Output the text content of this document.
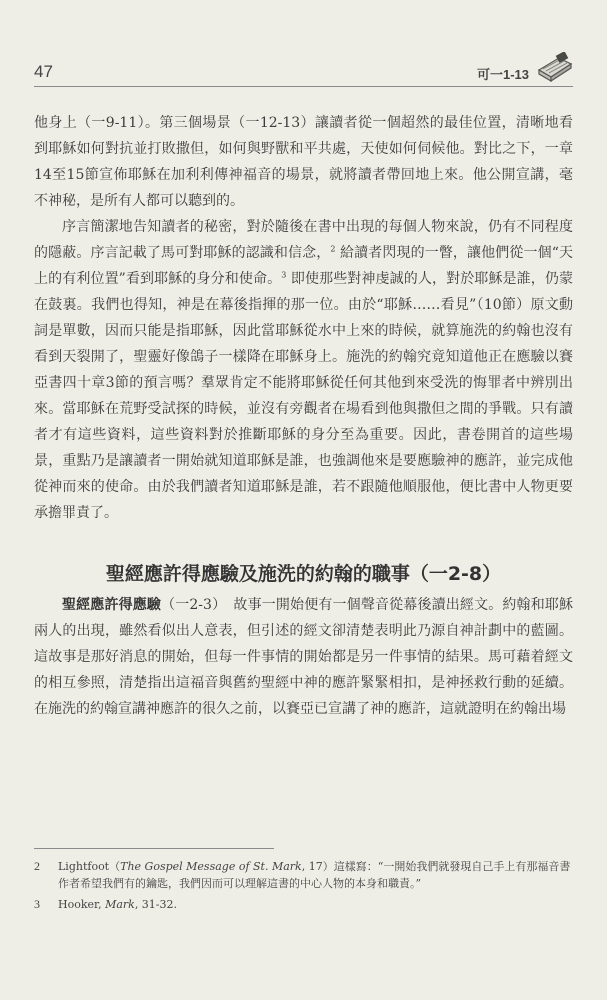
47	可一1-13

他身上（一9-11）。第三個場景（一12-13）讓讀者從一個超然的最佳位置，清晰地看到耶穌如何對抗並打敗撒但，如何與野獸和平共處，天使如何伺候他。對比之下，一章14至15節宣佈耶穌在加利利傳神福音的場景，就將讀者帶回地上來。他公開宣講，毫不神秘，是所有人都可以聽到的。

序言簡潔地告知讀者的秘密，對於隨後在書中出現的每個人物來說，仍有不同程度的隱蔽。序言記載了馬可對耶穌的認識和信念，$^2$ 給讀者閃現的一瞥，讓他們從一個“天上的有利位置”看到耶穌的身分和使命。$^3$ 即使那些對神虔誠的人，對於耶穌是誰，仍蒙在鼓裏。我們也得知，神是在幕後指揮的那一位。由於“耶穌……看見”（10節）原文動詞是單數，因而只能是指耶穌，因此當耶穌從水中上來的時候，就算施洗的約翰也沒有看到天裂開了，聖靈好像鴿子一樣降在耶穌身上。施洗的約翰究竟知道他正在應驗以賽亞書四十章3節的預言嗎？羣眾肯定不能將耶穌從任何其他到來受洗的悔罪者中辨別出來。當耶穌在荒野受試探的時候，並沒有旁觀者在場看到他與撒但之間的爭戰。只有讀者才有這些資料，這些資料對於推斷耶穌的身分至為重要。因此，書卷開首的這些場景，重點乃是讓讀者一開始就知道耶穌是誰，也強調他來是要應驗神的應許，並完成他從神而來的使命。由於我們讀者知道耶穌是誰，若不跟隨他順服他，便比書中人物更要承擔罪責了。

聖經應許得應驗及施洗的約翰的職事（一2-8）

聖經應許得應驗（一2-3）　 故事一開始便有一個聲音從幕後讀出經文。約翰和耶穌兩人的出現，雖然看似出人意表，但引述的經文卻清楚表明此乃源自神計劃中的藍圖。這故事是那好消息的開始，但每一件事情的開始都是另一件事情的結果。馬可藉着經文的相互參照，清楚指出這福音與舊約聖經中神的應許緊緊相扣，是神拯救行動的延續。在施洗的約翰宣講神應許的很久之前，以賽亞已宣講了神的應許，這就證明在約翰出場

2	Lightfoot（The Gospel Message of St. Mark, 17）這樣寫：“一開始我們就發現自己手上有那福音書作者希望我們有的鑰匙，我們因而可以理解這書的中心人物的本身和職責。”
3	Hooker, Mark, 31-32.
